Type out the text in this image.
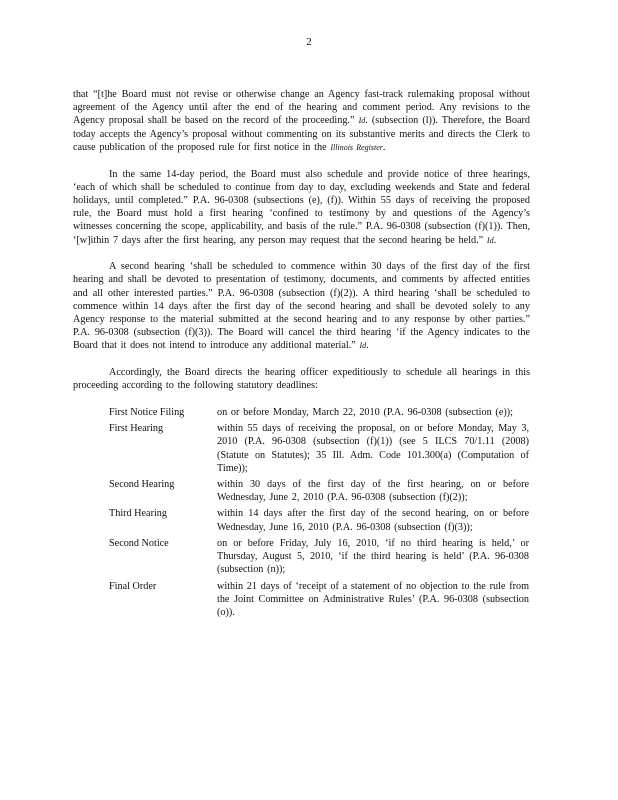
2

that “[t]he Board must not revise or otherwise change an Agency fast-track rulemaking proposal without agreement of the Agency until after the end of the hearing and comment period. Any revisions to the Agency proposal shall be based on the record of the proceeding.” Id. (subsection (l)). Therefore, the Board today accepts the Agency’s proposal without commenting on its substantive merits and directs the Clerk to cause publication of the proposed rule for first notice in the Illinois Register.

In the same 14-day period, the Board must also schedule and provide notice of three hearings, ‘each of which shall be scheduled to continue from day to day, excluding weekends and State and federal holidays, until completed.” P.A. 96-0308 (subsections (e), (f)). Within 55 days of receiving the proposed rule, the Board must hold a first hearing ‘confined to testimony by and questions of the Agency’s witnesses concerning the scope, applicability, and basis of the rule.” P.A. 96-0308 (subsection (f)(1)). Then, ‘[w]ithin 7 days after the first hearing, any person may request that the second hearing be held.” Id.

A second hearing ‘shall be scheduled to commence within 30 days of the first day of the first hearing and shall be devoted to presentation of testimony, documents, and comments by affected entities and all other interested parties.” P.A. 96-0308 (subsection (f)(2)). A third hearing ‘shall be scheduled to commence within 14 days after the first day of the second hearing and shall be devoted solely to any Agency response to the material submitted at the second hearing and to any response by other parties.” P.A. 96-0308 (subsection (f)(3)). The Board will cancel the third hearing ‘if the Agency indicates to the Board that it does not intend to introduce any additional material.” Id.

Accordingly, the Board directs the hearing officer expeditiously to schedule all hearings in this proceeding according to the following statutory deadlines:

First Notice Filing	on or before Monday, March 22, 2010 (P.A. 96-0308 (subsection (e));
First Hearing	within 55 days of receiving the proposal, on or before Monday, May 3, 2010 (P.A. 96-0308 (subsection (f)(1)) (see 5 ILCS 70/1.11 (2008) (Statute on Statutes); 35 Ill. Adm. Code 101.300(a) (Computation of Time));
Second Hearing	within 30 days of the first day of the first hearing, on or before Wednesday, June 2, 2010 (P.A. 96-0308 (subsection (f)(2));
Third Hearing	within 14 days after the first day of the second hearing, on or before Wednesday, June 16, 2010 (P.A. 96-0308 (subsection (f)(3));
Second Notice	on or before Friday, July 16, 2010, ‘if no third hearing is held,’ or Thursday, August 5, 2010, ‘if the third hearing is held’ (P.A. 96-0308 (subsection (n));
Final Order	within 21 days of ‘receipt of a statement of no objection to the rule from the Joint Committee on Administrative Rules’ (P.A. 96-0308 (subsection (o)).
